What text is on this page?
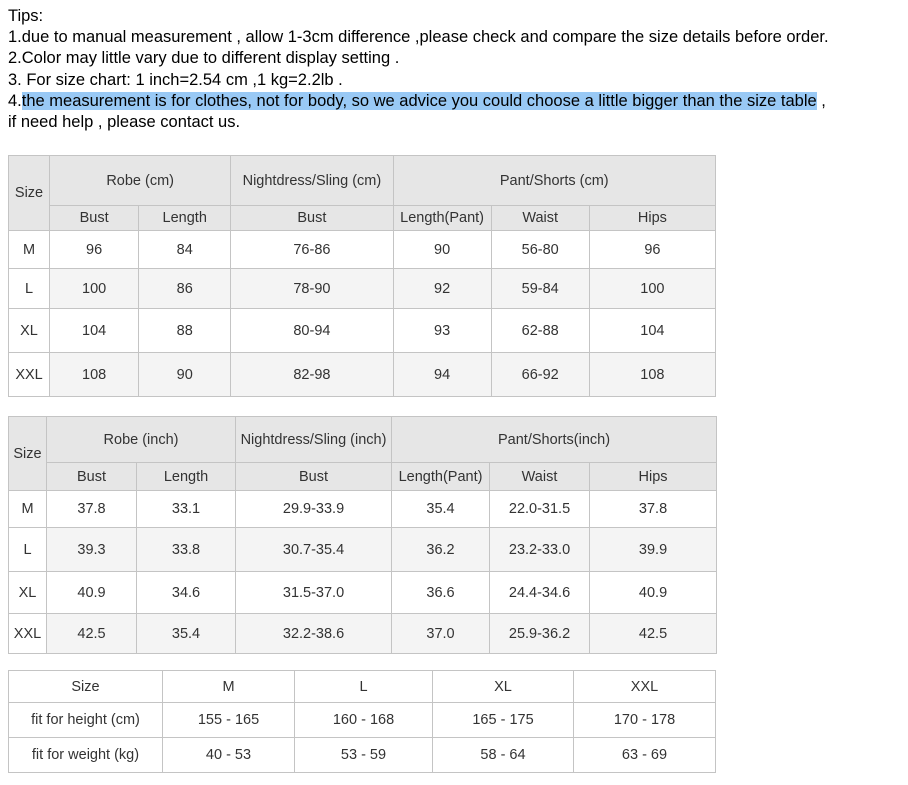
Tips:
1.due to manual measurement , allow 1-3cm difference ,please check and compare the size details before order.
2.Color may little vary due to different display setting .
3. For size chart: 1 inch=2.54 cm ,1 kg=2.2lb .
4.the measurement is for clothes, not for body, so we advice you could choose a little bigger than the size table ,
if need help , please contact us.
Size	Robe (cm)		Nightdress/Sling (cm)	Pant/Shorts (cm)		
	Bust	Length	Bust	Length(Pant)	Waist	Hips
M	96	84	76-86	90	56-80	96
L	100	86	78-90	92	59-84	100
XL	104	88	80-94	93	62-88	104
XXL	108	90	82-98	94	66-92	108
Size	Robe (inch)		Nightdress/Sling (inch)	Pant/Shorts(inch)		
	Bust	Length	Bust	Length(Pant)	Waist	Hips
M	37.8	33.1	29.9-33.9	35.4	22.0-31.5	37.8
L	39.3	33.8	30.7-35.4	36.2	23.2-33.0	39.9
XL	40.9	34.6	31.5-37.0	36.6	24.4-34.6	40.9
XXL	42.5	35.4	32.2-38.6	37.0	25.9-36.2	42.5
Size	M	L	XL	XXL
fit for height (cm)	155 - 165	160 - 168	165 - 175	170 - 178
fit for weight (kg)	40 - 53	53 - 59	58 - 64	63 - 69
